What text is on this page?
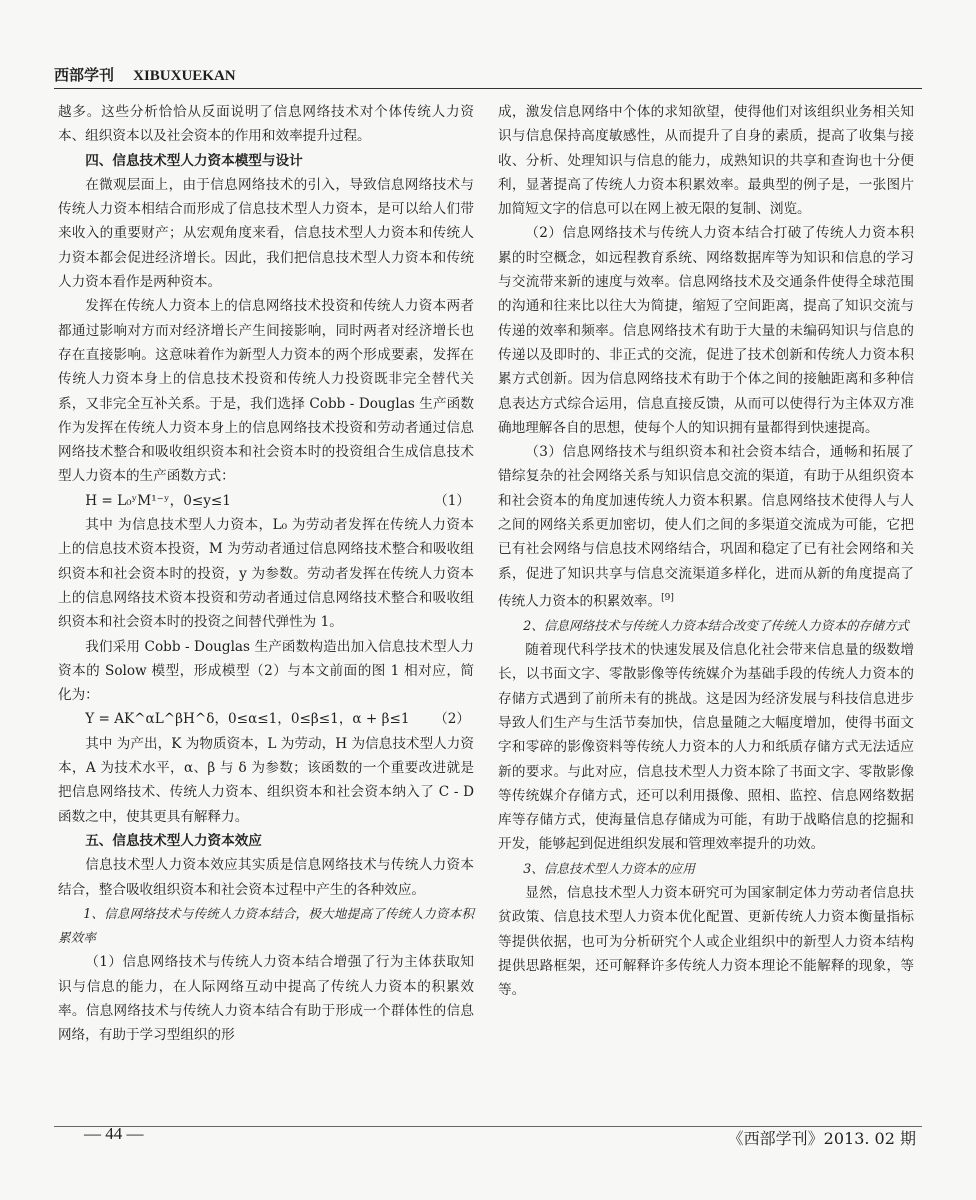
西部学刊 XIBUXUEKAN

越多。这些分析恰恰从反面说明了信息网络技术对个体传统人力资本、组织资本以及社会资本的作用和效率提升过程。

四、信息技术型人力资本模型与设计

在微观层面上，由于信息网络技术的引入，导致信息网络技术与传统人力资本相结合而形成了信息技术型人力资本，是可以给人们带来收入的重要财产；从宏观角度来看，信息技术型人力资本和传统人力资本都会促进经济增长。因此，我们把信息技术型人力资本和传统人力资本看作是两种资本。

发挥在传统人力资本上的信息网络技术投资和传统人力资本两者都通过影响对方而对经济增长产生间接影响，同时两者对经济增长也存在直接影响。这意味着作为新型人力资本的两个形成要素，发挥在传统人力资本身上的信息技术投资和传统人力投资既非完全替代关系，又非完全互补关系。于是，我们选择 Cobb - Douglas 生产函数作为发挥在传统人力资本身上的信息网络技术投资和劳动者通过信息网络技术整合和吸收组织资本和社会资本时的投资组合生成信息技术型人力资本的生产函数方式：

H = L₀ʸM¹⁻ʸ，0≤y≤1	（1）

其中 为信息技术型人力资本，L₀ 为劳动者发挥在传统人力资本上的信息技术资本投资，M 为劳动者通过信息网络技术整合和吸收组织资本和社会资本时的投资，y 为参数。劳动者发挥在传统人力资本上的信息网络技术资本投资和劳动者通过信息网络技术整合和吸收组织资本和社会资本时的投资之间替代弹性为 1。

我们采用 Cobb - Douglas 生产函数构造出加入信息技术型人力资本的 Solow 模型，形成模型（2）与本文前面的图 1 相对应，简化为：

Y = AK^αL^βH^δ，0≤α≤1，0≤β≤1，α + β≤1 （2）

其中 为产出，K 为物质资本，L 为劳动，H 为信息技术型人力资本，A 为技术水平，α、β 与 δ 为参数；该函数的一个重要改进就是把信息网络技术、传统人力资本、组织资本和社会资本纳入了 C - D 函数之中，使其更具有解释力。

五、信息技术型人力资本效应

信息技术型人力资本效应其实质是信息网络技术与传统人力资本结合，整合吸收组织资本和社会资本过程中产生的各种效应。

1、信息网络技术与传统人力资本结合，极大地提高了传统人力资本积累效率

（1）信息网络技术与传统人力资本结合增强了行为主体获取知识与信息的能力，在人际网络互动中提高了传统人力资本的积累效率。信息网络技术与传统人力资本结合有助于形成一个群体性的信息网络，有助于学习型组织的形

成，激发信息网络中个体的求知欲望，使得他们对该组织业务相关知识与信息保持高度敏感性，从而提升了自身的素质，提高了收集与接收、分析、处理知识与信息的能力，成熟知识的共享和查询也十分便利，显著提高了传统人力资本积累效率。最典型的例子是，一张图片加简短文字的信息可以在网上被无限的复制、浏览。

（2）信息网络技术与传统人力资本结合打破了传统人力资本积累的时空概念，如远程教育系统、网络数据库等为知识和信息的学习与交流带来新的速度与效率。信息网络技术及交通条件使得全球范围的沟通和往来比以往大为简捷，缩短了空间距离，提高了知识交流与传递的效率和频率。信息网络技术有助于大量的未编码知识与信息的传递以及即时的、非正式的交流，促进了技术创新和传统人力资本积累方式创新。因为信息网络技术有助于个体之间的接触距离和多种信息表达方式综合运用，信息直接反馈，从而可以使得行为主体双方准确地理解各自的思想，使每个人的知识拥有量都得到快速提高。

（3）信息网络技术与组织资本和社会资本结合，通畅和拓展了错综复杂的社会网络关系与知识信息交流的渠道，有助于从组织资本和社会资本的角度加速传统人力资本积累。信息网络技术使得人与人之间的网络关系更加密切，使人们之间的多渠道交流成为可能，它把已有社会网络与信息技术网络结合，巩固和稳定了已有社会网络和关系，促进了知识共享与信息交流渠道多样化，进而从新的角度提高了传统人力资本的积累效率。[9]

2、信息网络技术与传统人力资本结合改变了传统人力资本的存储方式

随着现代科学技术的快速发展及信息化社会带来信息量的级数增长，以书面文字、零散影像等传统媒介为基础手段的传统人力资本的存储方式遇到了前所未有的挑战。这是因为经济发展与科技信息进步导致人们生产与生活节奏加快，信息量随之大幅度增加，使得书面文字和零碎的影像资料等传统人力资本的人力和纸质存储方式无法适应新的要求。与此对应，信息技术型人力资本除了书面文字、零散影像等传统媒介存储方式，还可以利用摄像、照相、监控、信息网络数据库等存储方式，使海量信息存储成为可能，有助于战略信息的挖掘和开发，能够起到促进组织发展和管理效率提升的功效。

3、信息技术型人力资本的应用

显然，信息技术型人力资本研究可为国家制定体力劳动者信息扶贫政策、信息技术型人力资本优化配置、更新传统人力资本衡量指标等提供依据，也可为分析研究个人或企业组织中的新型人力资本结构提供思路框架，还可解释许多传统人力资本理论不能解释的现象，等等。

— 44 —	《西部学刊》2013. 02 期
